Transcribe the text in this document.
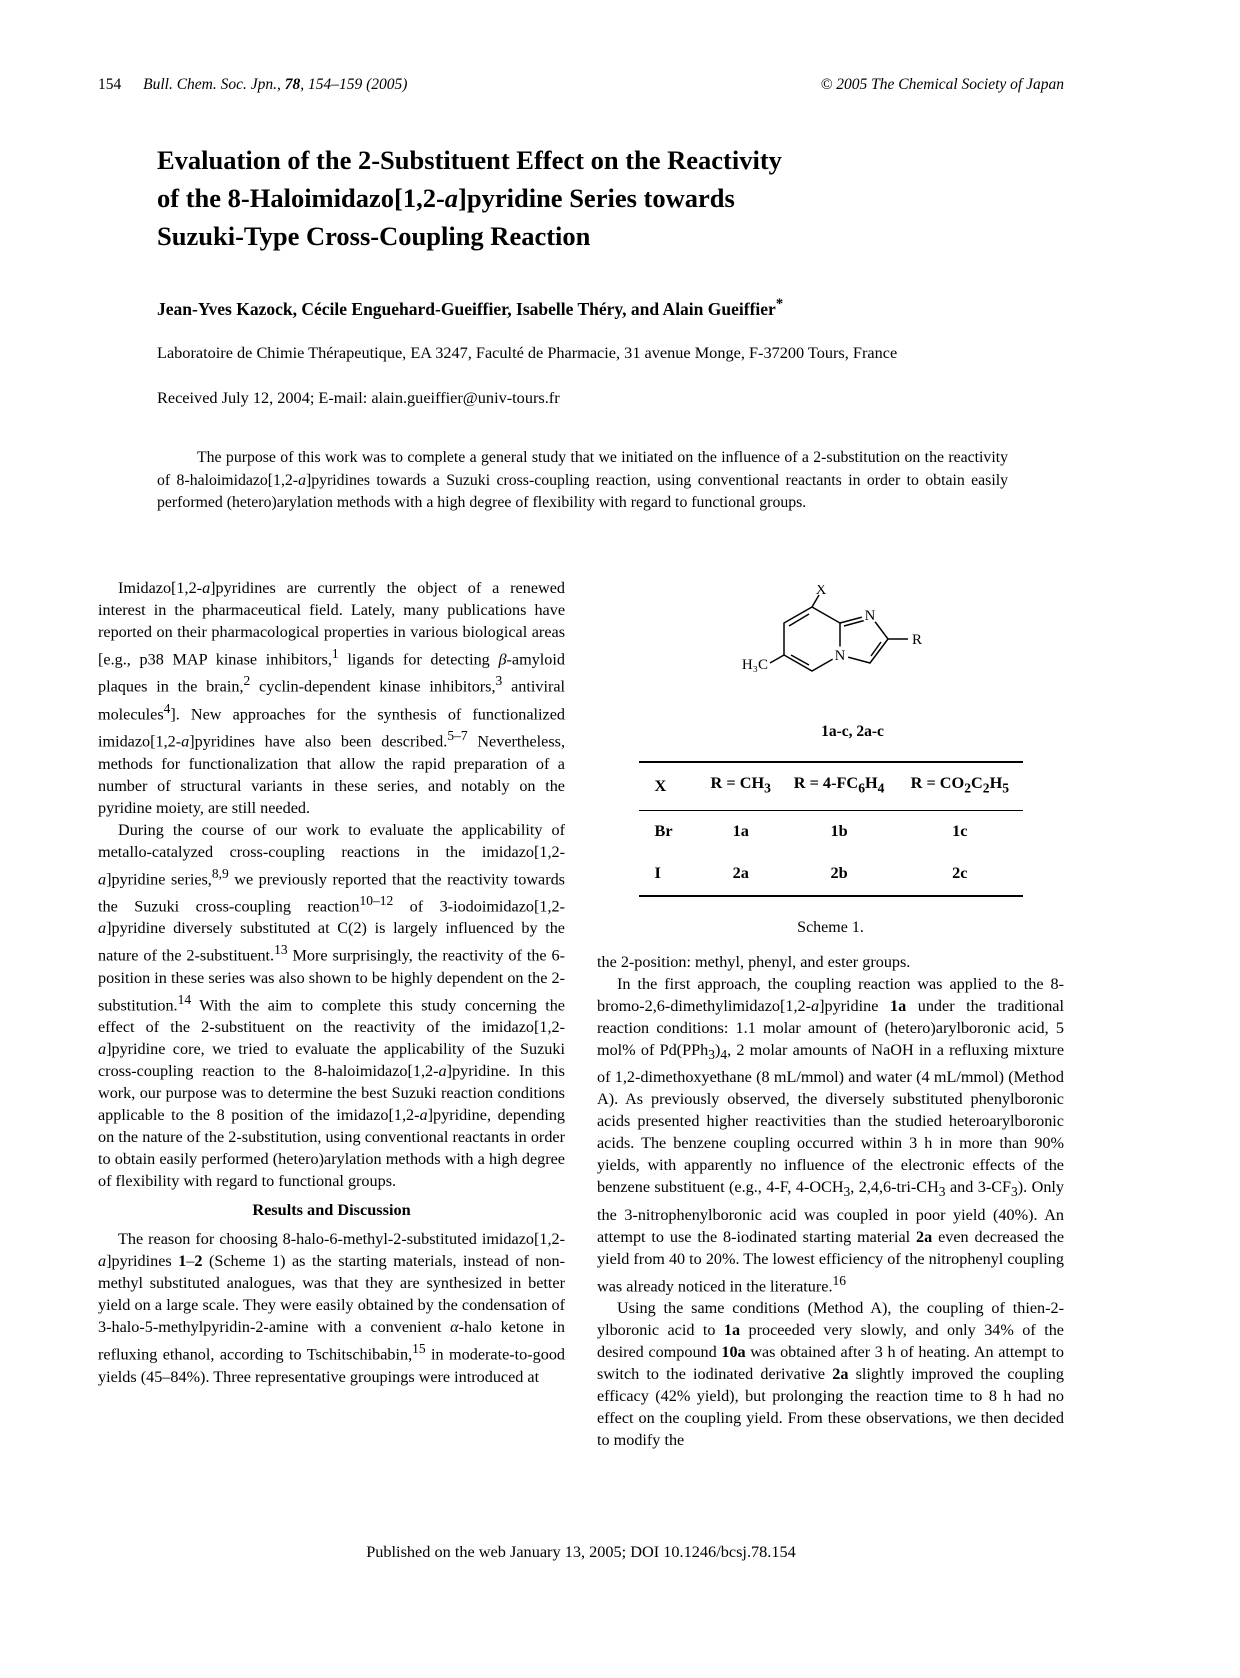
154 Bull. Chem. Soc. Jpn., 78, 154–159 (2005)	© 2005 The Chemical Society of Japan
Evaluation of the 2-Substituent Effect on the Reactivity
of the 8-Haloimidazo[1,2-a]pyridine Series towards
Suzuki-Type Cross-Coupling Reaction
Jean-Yves Kazock, Cécile Enguehard-Gueiffier, Isabelle Théry, and Alain Gueiffier*
Laboratoire de Chimie Thérapeutique, EA 3247, Faculté de Pharmacie, 31 avenue Monge, F-37200 Tours, France
Received July 12, 2004; E-mail: alain.gueiffier@univ-tours.fr
The purpose of this work was to complete a general study that we initiated on the influence of a 2-substitution on the reactivity of 8-haloimidazo[1,2-a]pyridines towards a Suzuki cross-coupling reaction, using conventional reactants in order to obtain easily performed (hetero)arylation methods with a high degree of flexibility with regard to functional groups.

Imidazo[1,2-a]pyridines are currently the object of a renewed interest in the pharmaceutical field. Lately, many publications have reported on their pharmacological properties in various biological areas [e.g., p38 MAP kinase inhibitors,$^1$ ligands for detecting β-amyloid plaques in the brain,$^2$ cyclin-dependent kinase inhibitors,$^3$ antiviral molecules$^4$]. New approaches for the synthesis of functionalized imidazo[1,2-a]pyridines have also been described.$^{5-7}$ Nevertheless, methods for functionalization that allow the rapid preparation of a number of structural variants in these series, and notably on the pyridine moiety, are still needed.

During the course of our work to evaluate the applicability of metallo-catalyzed cross-coupling reactions in the imidazo[1,2-a]pyridine series,$^{8,9}$ we previously reported that the reactivity towards the Suzuki cross-coupling reaction$^{10-12}$ of 3-iodoimidazo[1,2-a]pyridine diversely substituted at C(2) is largely influenced by the nature of the 2-substituent.$^{13}$ More surprisingly, the reactivity of the 6-position in these series was also shown to be highly dependent on the 2-substitution.$^{14}$ With the aim to complete this study concerning the effect of the 2-substituent on the reactivity of the imidazo[1,2-a]pyridine core, we tried to evaluate the applicability of the Suzuki cross-coupling reaction to the 8-haloimidazo[1,2-a]pyridine. In this work, our purpose was to determine the best Suzuki reaction conditions applicable to the 8 position of the imidazo[1,2-a]pyridine, depending on the nature of the 2-substitution, using conventional reactants in order to obtain easily performed (hetero)arylation methods with a high degree of flexibility with regard to functional groups.

Results and Discussion

The reason for choosing 8-halo-6-methyl-2-substituted imidazo[1,2-a]pyridines 1–2 (Scheme 1) as the starting materials, instead of non-methyl substituted analogues, was that they are synthesized in better yield on a large scale. They were easily obtained by the condensation of 3-halo-5-methylpyridin-2-amine with a convenient α-halo ketone in refluxing ethanol, according to Tschitschibabin,$^{15}$ in moderate-to-good yields (45–84%). Three representative groupings were introduced at

N
N
X
H₃C
R
1a-c, 2a-c
X	$R = CH_3$	$R = 4-FC_6H_4$	$R = CO_2C_2H_5$
Br	1a	1b	1c
I	2a	2b	2c
Scheme 1.

the 2-position: methyl, phenyl, and ester groups.

In the first approach, the coupling reaction was applied to the 8-bromo-2,6-dimethylimidazo[1,2-a]pyridine 1a under the traditional reaction conditions: 1.1 molar amount of (hetero)arylboronic acid, 5 mol% of $Pd(PPh_3)_4$, 2 molar amounts of NaOH in a refluxing mixture of 1,2-dimethoxyethane (8 mL/mmol) and water (4 mL/mmol) (Method A). As previously observed, the diversely substituted phenylboronic acids presented higher reactivities than the studied heteroarylboronic acids. The benzene coupling occurred within 3 h in more than 90% yields, with apparently no influence of the electronic effects of the benzene substituent (e.g., 4-F, $4-OCH_3$, $2,4,6-tri-CH_3$ and $3-CF_3$). Only the 3-nitrophenylboronic acid was coupled in poor yield (40%). An attempt to use the 8-iodinated starting material 2a even decreased the yield from 40 to 20%. The lowest efficiency of the nitrophenyl coupling was already noticed in the literature.$^{16}$

Using the same conditions (Method A), the coupling of thien-2-ylboronic acid to 1a proceeded very slowly, and only 34% of the desired compound 10a was obtained after 3 h of heating. An attempt to switch to the iodinated derivative 2a slightly improved the coupling efficacy (42% yield), but prolonging the reaction time to 8 h had no effect on the coupling yield. From these observations, we then decided to modify the

Published on the web January 13, 2005; DOI 10.1246/bcsj.78.154
